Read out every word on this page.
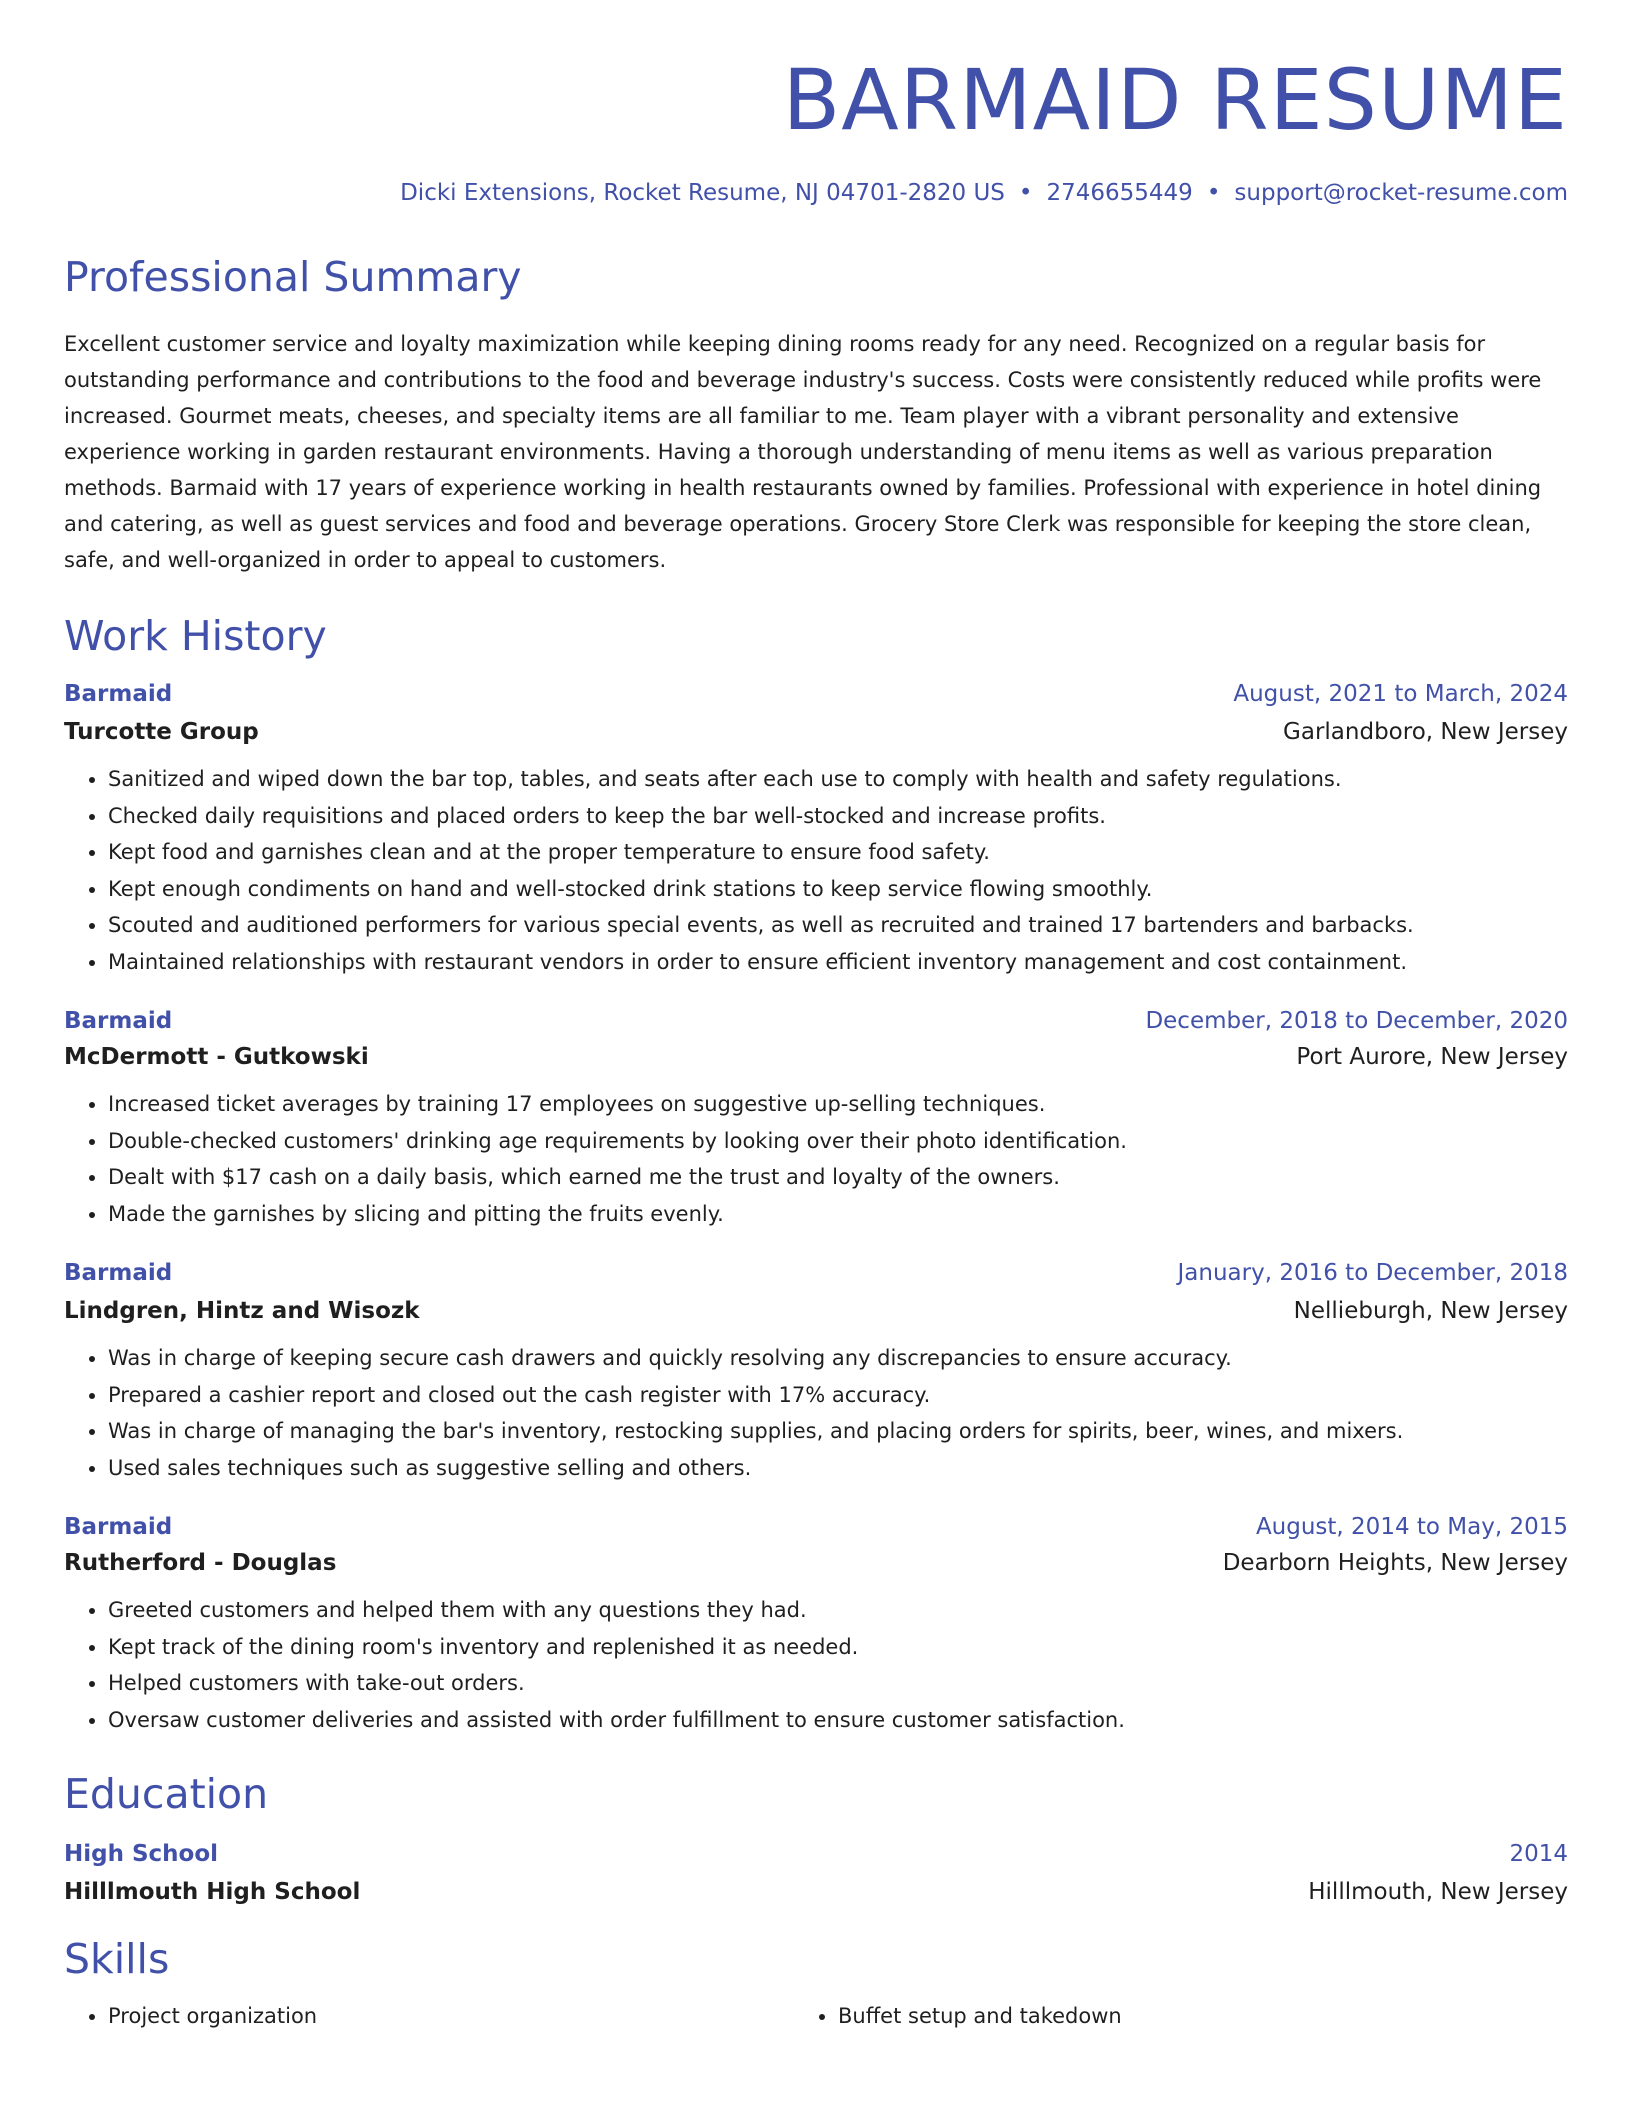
BARMAID RESUME
Dicki Extensions, Rocket Resume, NJ 04701-2820 US • 2746655449 • support@rocket-resume.com
Professional Summary

Excellent customer service and loyalty maximization while keeping dining rooms ready for any need. Recognized on a regular basis for outstanding performance and contributions to the food and beverage industry's success. Costs were consistently reduced while profits were increased. Gourmet meats, cheeses, and specialty items are all familiar to me. Team player with a vibrant personality and extensive experience working in garden restaurant environments. Having a thorough understanding of menu items as well as various preparation methods. Barmaid with 17 years of experience working in health restaurants owned by families. Professional with experience in hotel dining and catering, as well as guest services and food and beverage operations. Grocery Store Clerk was responsible for keeping the store clean, safe, and well-organized in order to appeal to customers.

Work History
Barmaid	August, 2021 to March, 2024
Turcotte Group	Garlandboro, New Jersey
• Sanitized and wiped down the bar top, tables, and seats after each use to comply with health and safety regulations.
• Checked daily requisitions and placed orders to keep the bar well-stocked and increase profits.
• Kept food and garnishes clean and at the proper temperature to ensure food safety.
• Kept enough condiments on hand and well-stocked drink stations to keep service flowing smoothly.
• Scouted and auditioned performers for various special events, as well as recruited and trained 17 bartenders and barbacks.
• Maintained relationships with restaurant vendors in order to ensure efficient inventory management and cost containment.
Barmaid	December, 2018 to December, 2020
McDermott - Gutkowski	Port Aurore, New Jersey
• Increased ticket averages by training 17 employees on suggestive up-selling techniques.
• Double-checked customers' drinking age requirements by looking over their photo identification.
• Dealt with $17 cash on a daily basis, which earned me the trust and loyalty of the owners.
• Made the garnishes by slicing and pitting the fruits evenly.
Barmaid	January, 2016 to December, 2018
Lindgren, Hintz and Wisozk	Nellieburgh, New Jersey
• Was in charge of keeping secure cash drawers and quickly resolving any discrepancies to ensure accuracy.
• Prepared a cashier report and closed out the cash register with 17% accuracy.
• Was in charge of managing the bar's inventory, restocking supplies, and placing orders for spirits, beer, wines, and mixers.
• Used sales techniques such as suggestive selling and others.
Barmaid	August, 2014 to May, 2015
Rutherford - Douglas	Dearborn Heights, New Jersey
• Greeted customers and helped them with any questions they had.
• Kept track of the dining room's inventory and replenished it as needed.
• Helped customers with take-out orders.
• Oversaw customer deliveries and assisted with order fulfillment to ensure customer satisfaction.
Education
High School	2014
Hilllmouth High School	Hilllmouth, New Jersey
Skills
• Project organization
•	Buffet setup and takedown
